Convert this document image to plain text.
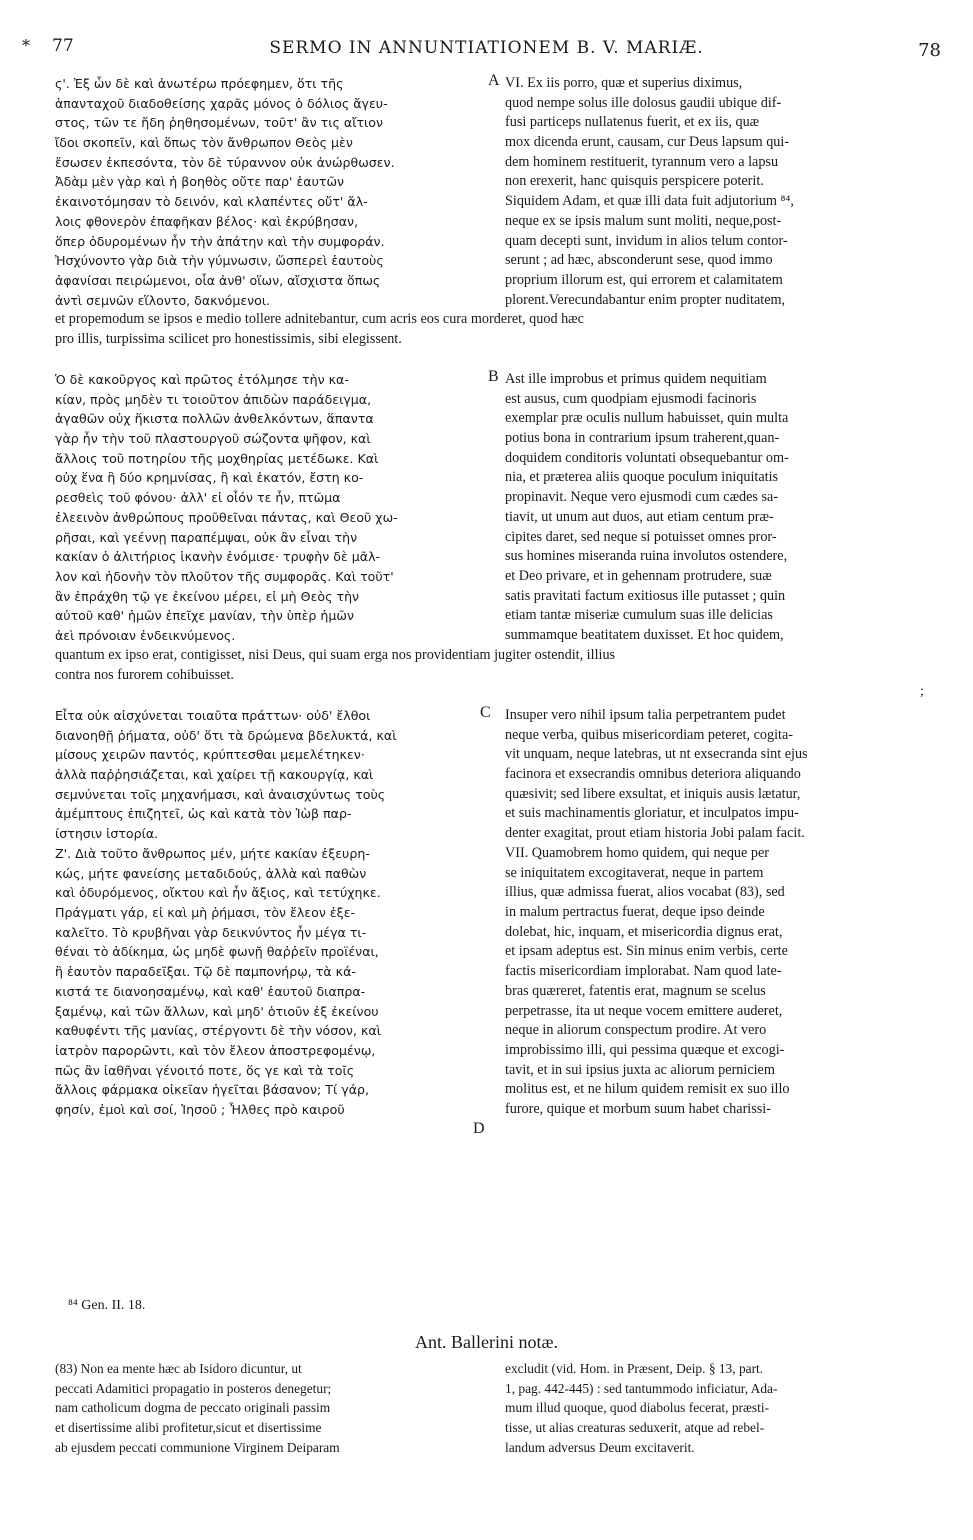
* 77	SERMO IN ANNUNTIATIONEM B. V. MARIÆ.	78
ς'. Ἐξ ὧν δὲ καὶ ἀνωτέρω πρόεφημεν, ὅτι τῆς
ἁπανταχοῦ διαδοθείσης χαρᾶς μόνος ὁ δόλιος ἄγευ-
στος, τῶν τε ἤδη ῥηθησομένων, τοῦτ' ἂν τις αἴτιον
ἴδοι σκοπεῖν, καὶ ὅπως τὸν ἄνθρωπον Θεὸς μὲν
ἔσωσεν ἐκπεσόντα, τὸν δὲ τύραννον οὐκ ἀνώρθωσεν.
Ἀδὰμ μὲν γὰρ καὶ ἡ βοηθὸς οὔτε παρ' ἑαυτῶν
ἐκαινοτόμησαν τὸ δεινόν, καὶ κλαπέντες οὔτ' ἄλ-
λοις φθονερὸν ἐπαφῆκαν βέλος· καὶ ἐκρύβησαν,
ὅπερ ὀδυρομένων ἦν τὴν ἀπάτην καὶ τὴν συμφοράν.
Ἠσχύνοντο γὰρ διὰ τὴν γύμνωσιν, ὥσπερεὶ ἑαυτοὺς
ἀφανίσαι πειρώμενοι, οἷα ἀνθ' οἵων, αἴσχιστα ὅπως
ἀντὶ σεμνῶν εἵλοντο, δακνόμενοι.
A VI. Ex iis porro, quæ et superius diximus,
quod nempe solus ille dolosus gaudii ubique dif-
fusi particeps nullatenus fuerit, et ex iis, quæ
mox dicenda erunt, causam, cur Deus lapsum qui-
dem hominem restituerit, tyrannum vero a lapsu
non erexerit, hanc quisquis perspicere poterit.
Siquidem Adam, et quæ illi data fuit adjutorium ⁸⁴,
neque ex se ipsis malum sunt moliti, neque,post-
quam decepti sunt, invidum in alios telum contor-
serunt ; ad hæc, absconderunt sese, quod immo
proprium illorum est, qui errorem et calamitatem
plorent.Verecundabantur enim propter nuditatem,
et propemodum se ipsos e medio tollere adnitebantur, cum acris eos cura morderet, quod hæc
pro illis, turpissima scilicet pro honestissimis, sibi elegissent.
Ὁ δὲ κακοῦργος καὶ πρῶτος ἐτόλμησε τὴν κα-
κίαν, πρὸς μηδὲν τι τοιοῦτον ἀπιδὼν παράδειγμα,
ἀγαθῶν οὐχ ἥκιστα πολλῶν ἀνθελκόντων, ἅπαντα
γὰρ ἦν τὴν τοῦ πλαστουργοῦ σώζοντα ψῆφον, καὶ
ἄλλοις τοῦ ποτηρίου τῆς μοχθηρίας μετέδωκε. Καὶ
οὐχ ἕνα ἢ δύο κρημνίσας, ἢ καὶ ἑκατόν, ἔστη κο-
ρεσθεὶς τοῦ φόνου· ἀλλ' εἰ οἷόν τε ἦν, πτῶμα
ἐλεεινὸν ἀνθρώπους προῦθεῖναι πάντας, καὶ Θεοῦ χω-
ρῆσαι, καὶ γεέννῃ παραπέμψαι, οὐκ ἂν εἶναι τὴν
κακίαν ὁ ἀλιτήριος ἱκανὴν ἐνόμισε· τρυφὴν δὲ μᾶλ-
λον καὶ ἡδονὴν τὸν πλοῦτον τῆς συμφορᾶς. Καὶ τοῦτ'
ἂν ἐπράχθη τῷ γε ἐκείνου μέρει, εἰ μὴ Θεὸς τὴν
αὐτοῦ καθ' ἡμῶν ἐπεῖχε μανίαν, τὴν ὑπὲρ ἡμῶν
ἀεὶ πρόνοιαν ἐνδεικνύμενος.
B Ast ille improbus et primus quidem nequitiam
est ausus, cum quodpiam ejusmodi facinoris
exemplar præ oculis nullum habuisset, quin multa
potius bona in contrarium ipsum traherent,quan-
doquidem conditoris voluntati obsequebantur om-
nia, et præterea aliis quoque poculum iniquitatis
propinavit. Neque vero ejusmodi cum cædes sa-
tiavit, ut unum aut duos, aut etiam centum præ-
cipites daret, sed neque si potuisset omnes pror-
sus homines miseranda ruina involutos ostendere,
et Deo privare, et in gehennam protrudere, suæ
satis pravitati factum exitiosus ille putasset ; quin
etiam tantæ miseriæ cumulum suas ille delicias
summamque beatitatem duxisset. Et hoc quidem,
quantum ex ipso erat, contigisset, nisi Deus, qui suam erga nos providentiam jugiter ostendit, illius
contra nos furorem cohibuisset.
;
Εἶτα οὐκ αἰσχύνεται τοιαῦτα πράττων· οὐδ' ἔλθοι
διανοηθῇ ῥήματα, οὐδ' ὅτι τὰ δρώμενα βδελυκτά, καὶ
μίσους χειρῶν παντός, κρύπτεσθαι μεμελέτηκεν·
ἀλλὰ παῤῥησιάζεται, καὶ χαίρει τῇ κακουργίᾳ, καὶ
σεμνύνεται τοῖς μηχανήμασι, καὶ ἀναισχύντως τοὺς
ἀμέμπτους ἐπιζητεῖ, ὡς καὶ κατὰ τὸν Ἰὼβ παρ-
ίστησιν ἱστορία.
C Insuper vero nihil ipsum talia perpetrantem pudet
neque verba, quibus misericordiam peteret, cogita-
vit unquam, neque latebras, ut nt exsecranda sint ejus
facinora et exsecrandis omnibus deteriora aliquando
quæsivit; sed libere exsultat, et iniquis ausis lætatur,
et suis machinamentis gloriatur, et inculpatos impu-
denter exagitat, prout etiam historia Jobi palam facit.
Ζ'. Διὰ τοῦτο ἄνθρωπος μέν, μήτε κακίαν ἐξευρη-
κώς, μήτε φανείσης μεταδιδούς, ἀλλὰ καὶ παθὼν
καὶ ὀδυρόμενος, οἴκτου καὶ ἦν ἄξιος, καὶ τετύχηκε.
Πράγματι γάρ, εἰ καὶ μὴ ῥήμασι, τὸν ἔλεον ἐξε-
καλεῖτο. Τὸ κρυβῆναι γὰρ δεικνύντος ἦν μέγα τι-
θέναι τὸ ἀδίκημα, ὡς μηδὲ φωνῇ θαῤῥεῖν προϊέναι,
ἢ ἑαυτὸν παραδεῖξαι. Τῷ δὲ παμπονήρῳ, τὰ κά-
κιστά τε διανοησαμένῳ, καὶ καθ' ἑαυτοῦ διαπρα-
ξαμένῳ, καὶ τῶν ἄλλων, καὶ μηδ' ὁτιοῦν ἐξ ἐκείνου
καθυφέντι τῆς μανίας, στέργοντι δὲ τὴν νόσον, καὶ
ἰατρὸν παρορῶντι, καὶ τὸν ἔλεον ἀποστρεφομένῳ,
πῶς ἂν ἰαθῆναι γένοιτό ποτε, ὅς γε καὶ τὰ τοῖς
ἄλλοις φάρμακα οἰκεῖαν ἡγεῖται βάσανον; Τί γάρ,
φησίν, ἐμοὶ καὶ σοί, Ἰησοῦ ; Ἦλθες πρὸ καιροῦ
D
VII. Quamobrem homo quidem, qui neque per
se iniquitatem excogitaverat, neque in partem
illius, quæ admissa fuerat, alios vocabat (83), sed
in malum pertractus fuerat, deque ipso deinde
dolebat, hic, inquam, et misericordia dignus erat,
et ipsam adeptus est. Sin minus enim verbis, certe
factis misericordiam implorabat. Nam quod late-
bras quæreret, fatentis erat, magnum se scelus
perpetrasse, ita ut neque vocem emittere auderet,
neque in aliorum conspectum prodire. At vero
improbissimo illi, qui pessima quæque et excogi-
tavit, et in sui ipsius juxta ac aliorum perniciem
molitus est, et ne hilum quidem remisit ex suo illo
furore, quique et morbum suum habet charissi-
⁸⁴ Gen. II. 18.
Ant. Ballerini notæ.
(83) Non ea mente hæc ab Isidoro dicuntur, ut
peccati Adamitici propagatio in posteros denegetur;
nam catholicum dogma de peccato originali passim
et disertissime alibi profitetur,sicut et disertissime
ab ejusdem peccati communione Virginem Deiparam
excludit (vid. Hom. in Præsent, Deip. § 13, part.
1, pag. 442-445) : sed tantummodo inficiatur, Ada-
mum illud quoque, quod diabolus fecerat, præsti-
tisse, ut alias creaturas seduxerit, atque ad rebel-
landum adversus Deum excitaverit.
